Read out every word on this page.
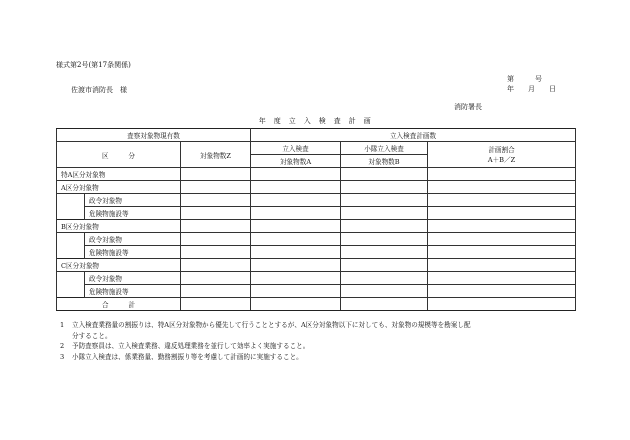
様式第2号(第17条関係)
第　　　号
年　　月　　日
佐渡市消防長　様
消防署長
年　度　立　入　検　査　計　画
査察対象物現有数			立入検査計画数		
区　　　分		対象物数Z	立入検査	小隊立入検査	計画割合
A＋B／Z
			対象物数A	対象物数B	
特A区分対象物					
A区分対象物					
	政令対象物				
	危険物施設等				
B区分対象物					
	政令対象物				
	危険物施設等				
C区分対象物					
	政令対象物				
	危険物施設等				
合　　　計					
1 立入検査業務量の割振りは、特A区分対象物から優先して行うこととするが、A区分対象物以下に対しても、対象物の規模等を勘案し配
分すること。
2 予防査察員は、立入検査業務、違反処理業務を並行して効率よく実施すること。
3 小隊立入検査は、係業務量、勤務割振り等を考慮して計画的に実施すること。
